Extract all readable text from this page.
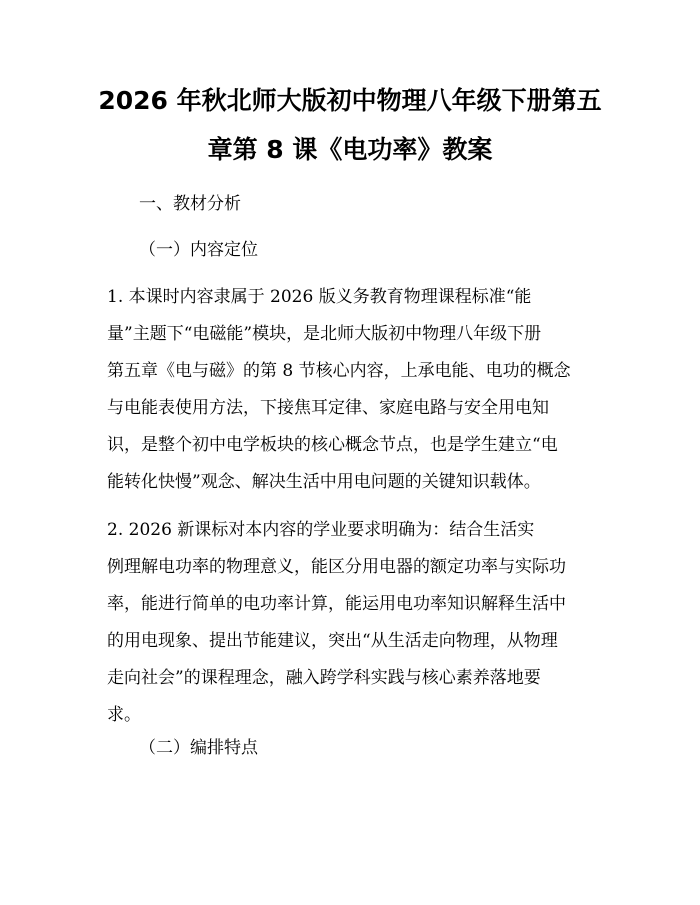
2026 年秋北师大版初中物理八年级下册第五
章第 8 课《电功率》教案
一、教材分析
（一）内容定位
1. 本课时内容隶属于 2026 版义务教育物理课程标准“能
量”主题下“电磁能”模块，是北师大版初中物理八年级下册
第五章《电与磁》的第 8 节核心内容，上承电能、电功的概念
与电能表使用方法，下接焦耳定律、家庭电路与安全用电知
识，是整个初中电学板块的核心概念节点，也是学生建立“电
能转化快慢”观念、解决生活中用电问题的关键知识载体。
2. 2026 新课标对本内容的学业要求明确为：结合生活实
例理解电功率的物理意义，能区分用电器的额定功率与实际功
率，能进行简单的电功率计算，能运用电功率知识解释生活中
的用电现象、提出节能建议，突出“从生活走向物理，从物理
走向社会”的课程理念，融入跨学科实践与核心素养落地要
求。
（二）编排特点
